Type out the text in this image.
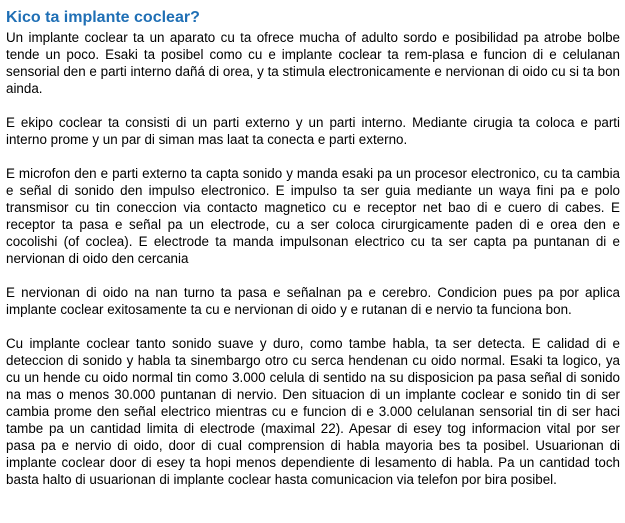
Kico ta implante coclear?

Un implante coclear ta un aparato cu ta ofrece mucha of adulto sordo e posibilidad pa atrobe bolbe tende un poco. Esaki ta posibel como cu e implante coclear ta rem-plasa e funcion di e celulanan sensorial den e parti interno dañá di orea, y ta stimula electronicamente e nervionan di oido cu si ta bon ainda.

E ekipo coclear ta consisti di un parti externo y un parti interno. Mediante cirugia ta coloca e parti interno prome y un par di siman mas laat ta conecta e parti externo.

E microfon den e parti externo ta capta sonido y manda esaki pa un procesor electronico, cu ta cambia e señal di sonido den impulso electronico. E impulso ta ser guia mediante un waya fini pa e polo transmisor cu tin coneccion via contacto magnetico cu e receptor net bao di e cuero di cabes. E receptor ta pasa e señal pa un electrode, cu a ser coloca cirurgicamente paden di e orea den e cocolishi (of coclea). E electrode ta manda impulsonan electrico cu ta ser capta pa puntanan di e nervionan di oido den cercania

E nervionan di oido na nan turno ta pasa e señalnan pa e cerebro. Condicion pues pa por aplica implante coclear exitosamente ta cu e nervionan di oido y e rutanan di e nervio ta funciona bon.

Cu implante coclear tanto sonido suave y duro, como tambe habla, ta ser detecta. E calidad di e deteccion di sonido y habla ta sinembargo otro cu serca hendenan cu oido normal. Esaki ta logico, ya cu un hende cu oido normal tin como 3.000 celula di sentido na su disposicion pa pasa señal di sonido na mas o menos 30.000 puntanan di nervio. Den situacion di un implante coclear e sonido tin di ser cambia prome den señal electrico mientras cu e funcion di e 3.000 celulanan sensorial tin di ser haci tambe pa un cantidad limita di electrode (maximal 22). Apesar di esey tog informacion vital por ser pasa pa e nervio di oido, door di cual comprension di habla mayoria bes ta posibel. Usuarionan di implante coclear door di esey ta hopi menos dependiente di lesamento di habla. Pa un cantidad toch basta halto di usuarionan di implante coclear hasta comunicacion via telefon por bira posibel.
